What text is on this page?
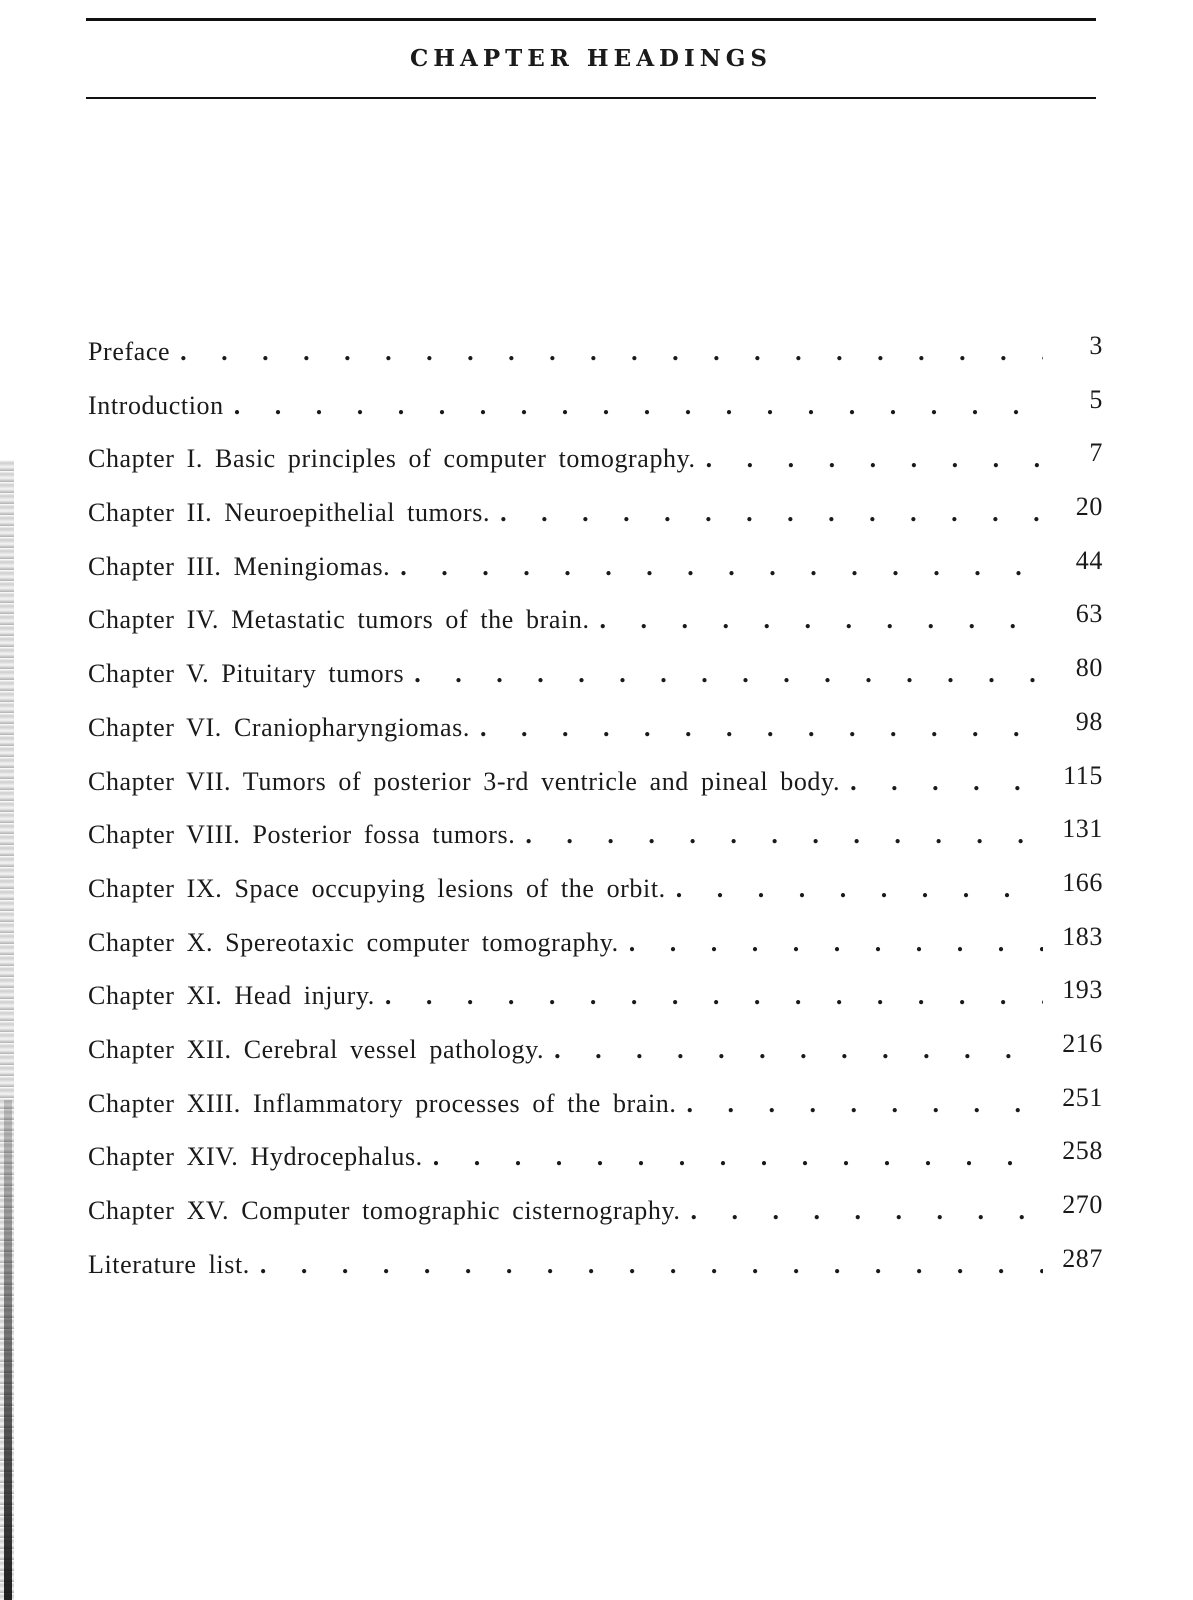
CHAPTER HEADINGS
Preface . . .	3
Introduction . . .	5
Chapter I. Basic principles of computer tomography. . . .	7
Chapter II. Neuroepithelial tumors. . . .	20
Chapter III. Meningiomas. . . .	44
Chapter IV. Metastatic tumors of the brain. . . .	63
Chapter V. Pituitary tumors . . .	80
Chapter VI. Craniopharyngiomas. . . .	98
Chapter VII. Tumors of posterior 3-rd ventricle and pineal body. . . .	115
Chapter VIII. Posterior fossa tumors. . . .	131
Chapter IX. Space occupying lesions of the orbit. . . .	166
Chapter X. Spereotaxic computer tomography. . . .	183
Chapter XI. Head injury. . . .	193
Chapter XII. Cerebral vessel pathology. . . .	216
Chapter XIII. Inflammatory processes of the brain. . . .	251
Chapter XIV. Hydrocephalus. . . .	258
Chapter XV. Computer tomographic cisternography. . . .	270
Literature list. . . .	287
